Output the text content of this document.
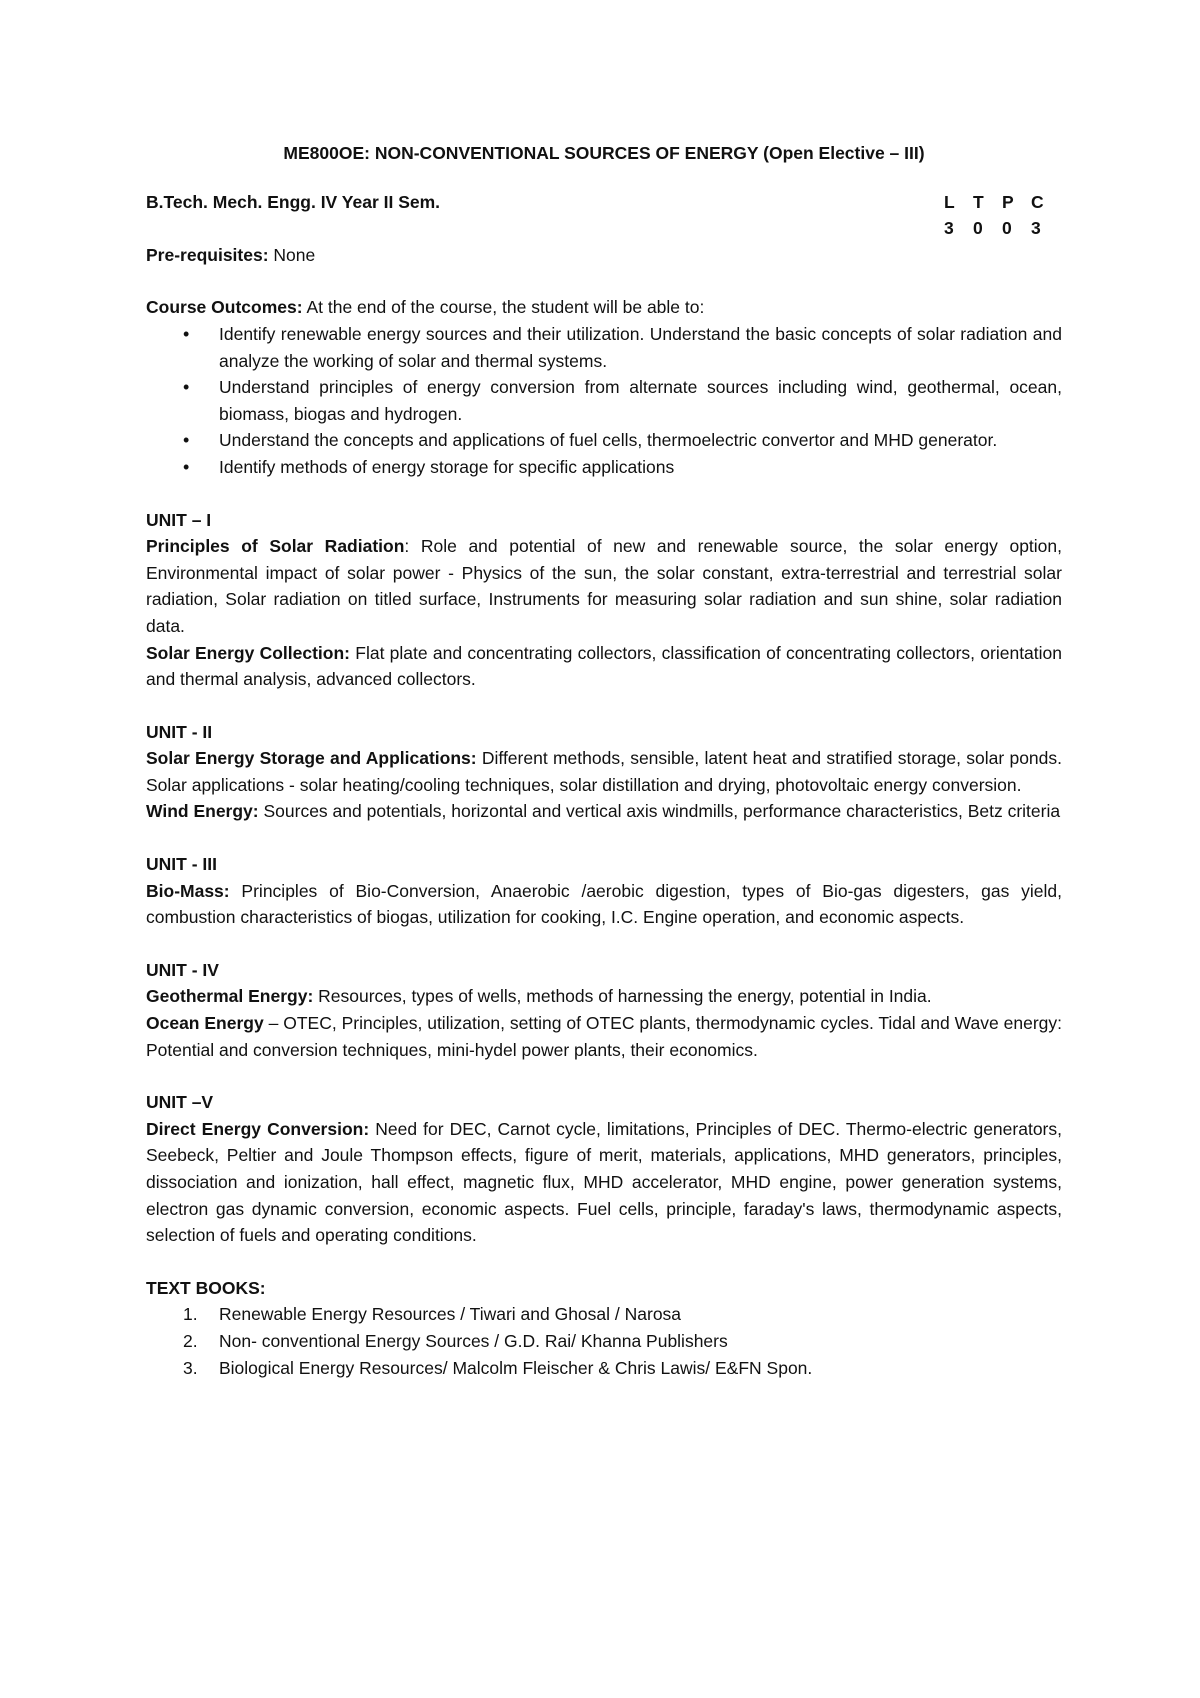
ME800OE: NON-CONVENTIONAL SOURCES OF ENERGY (Open Elective – III)
B.Tech. Mech. Engg. IV Year II Sem.	L	T	P C
3	0	0	3
Pre-requisites: None
Course Outcomes: At the end of the course, the student will be able to:
• Identify renewable energy sources and their utilization. Understand the basic concepts of solar radiation and analyze the working of solar and thermal systems.
• Understand principles of energy conversion from alternate sources including wind, geothermal, ocean, biomass, biogas and hydrogen.
• Understand the concepts and applications of fuel cells, thermoelectric convertor and MHD generator.
• Identify methods of energy storage for specific applications
UNIT – I
Principles of Solar Radiation: Role and potential of new and renewable source, the solar energy option, Environmental impact of solar power - Physics of the sun, the solar constant, extra-terrestrial and terrestrial solar radiation, Solar radiation on titled surface, Instruments for measuring solar radiation and sun shine, solar radiation data.
Solar Energy Collection: Flat plate and concentrating collectors, classification of concentrating collectors, orientation and thermal analysis, advanced collectors.
UNIT - II
Solar Energy Storage and Applications: Different methods, sensible, latent heat and stratified storage, solar ponds. Solar applications - solar heating/cooling techniques, solar distillation and drying, photovoltaic energy conversion.
Wind Energy: Sources and potentials, horizontal and vertical axis windmills, performance characteristics, Betz criteria
UNIT - III
Bio-Mass: Principles of Bio-Conversion, Anaerobic /aerobic digestion, types of Bio-gas digesters, gas yield, combustion characteristics of biogas, utilization for cooking, I.C. Engine operation, and economic aspects.
UNIT - IV
Geothermal Energy: Resources, types of wells, methods of harnessing the energy, potential in India.
Ocean Energy – OTEC, Principles, utilization, setting of OTEC plants, thermodynamic cycles. Tidal and Wave energy: Potential and conversion techniques, mini-hydel power plants, their economics.
UNIT –V
Direct Energy Conversion: Need for DEC, Carnot cycle, limitations, Principles of DEC. Thermo-electric generators, Seebeck, Peltier and Joule Thompson effects, figure of merit, materials, applications, MHD generators, principles, dissociation and ionization, hall effect, magnetic flux, MHD accelerator, MHD engine, power generation systems, electron gas dynamic conversion, economic aspects. Fuel cells, principle, faraday's laws, thermodynamic aspects, selection of fuels and operating conditions.
TEXT BOOKS:
1. Renewable Energy Resources / Tiwari and Ghosal / Narosa
2. Non- conventional Energy Sources / G.D. Rai/ Khanna Publishers
3. Biological Energy Resources/ Malcolm Fleischer & Chris Lawis/ E&FN Spon.
